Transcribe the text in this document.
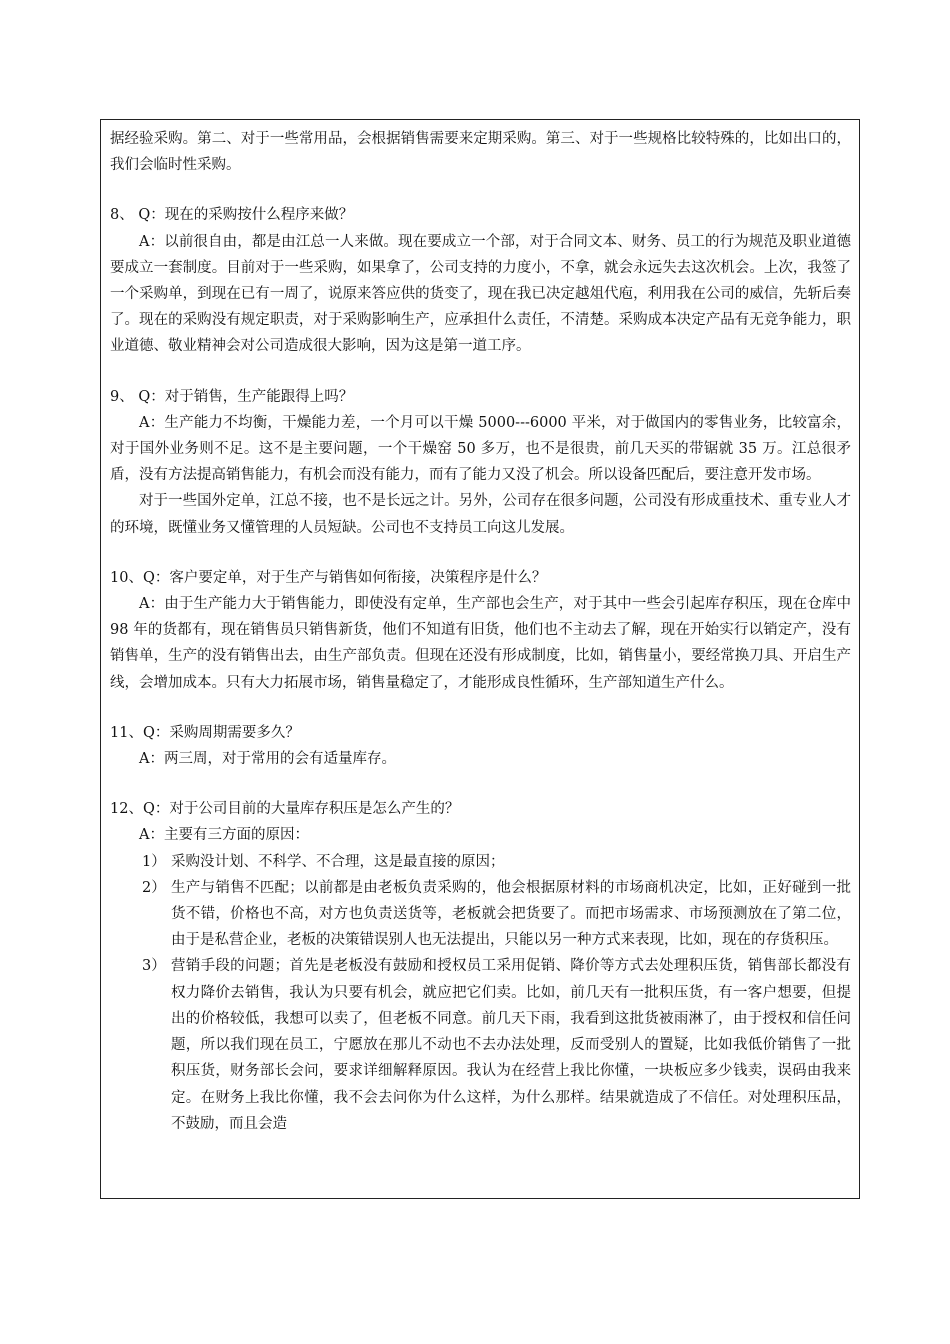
据经验采购。第二、对于一些常用品，会根据销售需要来定期采购。第三、对于一些规格比较特殊的，比如出口的，我们会临时性采购。

8、 Q：现在的采购按什么程序来做？

A：以前很自由，都是由江总一人来做。现在要成立一个部，对于合同文本、财务、员工的行为规范及职业道德要成立一套制度。目前对于一些采购，如果拿了，公司支持的力度小，不拿，就会永远失去这次机会。上次，我签了一个采购单，到现在已有一周了，说原来答应供的货变了，现在我已决定越俎代庖，利用我在公司的威信，先斩后奏了。现在的采购没有规定职责，对于采购影响生产，应承担什么责任，不清楚。采购成本决定产品有无竞争能力，职业道德、敬业精神会对公司造成很大影响，因为这是第一道工序。

9、 Q：对于销售，生产能跟得上吗？

A：生产能力不均衡，干燥能力差，一个月可以干燥 5000---6000 平米，对于做国内的零售业务，比较富余，对于国外业务则不足。这不是主要问题，一个干燥窑 50 多万，也不是很贵，前几天买的带锯就 35 万。江总很矛盾，没有方法提高销售能力，有机会而没有能力，而有了能力又没了机会。所以设备匹配后，要注意开发市场。

对于一些国外定单，江总不接，也不是长远之计。另外，公司存在很多问题，公司没有形成重技术、重专业人才的环境，既懂业务又懂管理的人员短缺。公司也不支持员工向这儿发展。

10、Q：客户要定单，对于生产与销售如何衔接，决策程序是什么？

A：由于生产能力大于销售能力，即使没有定单，生产部也会生产，对于其中一些会引起库存积压，现在仓库中 98 年的货都有，现在销售员只销售新货，他们不知道有旧货，他们也不主动去了解，现在开始实行以销定产，没有销售单，生产的没有销售出去，由生产部负责。但现在还没有形成制度，比如，销售量小，要经常换刀具、开启生产线，会增加成本。只有大力拓展市场，销售量稳定了，才能形成良性循环，生产部知道生产什么。

11、Q：采购周期需要多久？

A：两三周，对于常用的会有适量库存。

12、Q：对于公司目前的大量库存积压是怎么产生的？

A：主要有三方面的原因：

1） 采购没计划、不科学、不合理，这是最直接的原因；
2） 生产与销售不匹配；以前都是由老板负责采购的，他会根据原材料的市场商机决定，比如，正好碰到一批货不错，价格也不高，对方也负责送货等，老板就会把货要了。而把市场需求、市场预测放在了第二位，由于是私营企业，老板的决策错误别人也无法提出，只能以另一种方式来表现，比如，现在的存货积压。
3） 营销手段的问题；首先是老板没有鼓励和授权员工采用促销、降价等方式去处理积压货，销售部长都没有权力降价去销售，我认为只要有机会，就应把它们卖。比如，前几天有一批积压货，有一客户想要，但提出的价格较低，我想可以卖了，但老板不同意。前几天下雨，我看到这批货被雨淋了，由于授权和信任问题，所以我们现在员工，宁愿放在那儿不动也不去办法处理，反而受别人的置疑，比如我低价销售了一批积压货，财务部长会问，要求详细解释原因。我认为在经营上我比你懂，一块板应多少钱卖，误码由我来定。在财务上我比你懂，我不会去问你为什么这样，为什么那样。结果就造成了不信任。对处理积压品，不鼓励，而且会造
